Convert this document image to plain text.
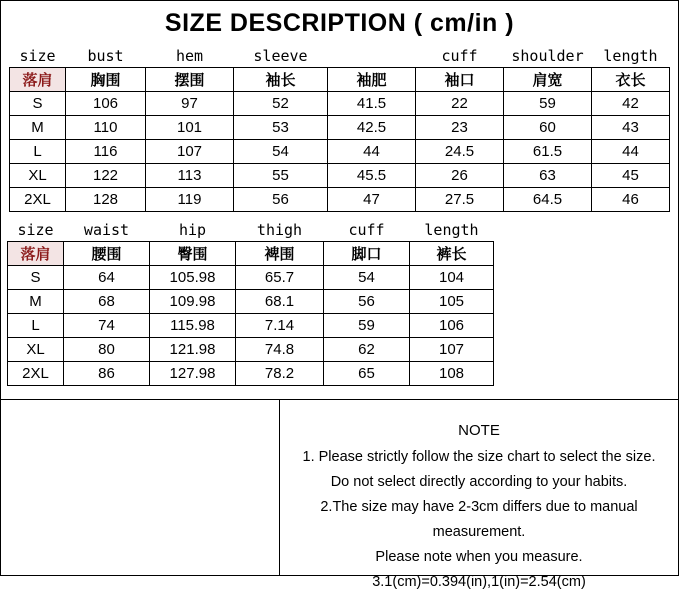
SIZE DESCRIPTION ( cm/in )
size	bust	hem	sleeve		cuff	shoulder	length
落肩	胸围	摆围	袖长	袖肥	袖口	肩宽	衣长
S	106	97	52	41.5	22	59	42
M	110	101	53	42.5	23	60	43
L	116	107	54	44	24.5	61.5	44
XL	122	113	55	45.5	26	63	45
2XL	128	119	56	47	27.5	64.5	46
size	waist	hip	thigh	cuff	length
落肩	腰围	臀围	裨围	脚口	裤长
S	64	105.98	65.7	54	104
M	68	109.98	68.1	56	105
L	74	115.98	7.14	59	106
XL	80	121.98	74.8	62	107
2XL	86	127.98	78.2	65	108
NOTE
1. Please strictly follow the size chart to select the size.
Do not select directly according to your habits.
2.The size may have 2-3cm differs due to manual measurement.
Please note when you measure.
3.1(cm)=0.394(in),1(in)=2.54(cm)
